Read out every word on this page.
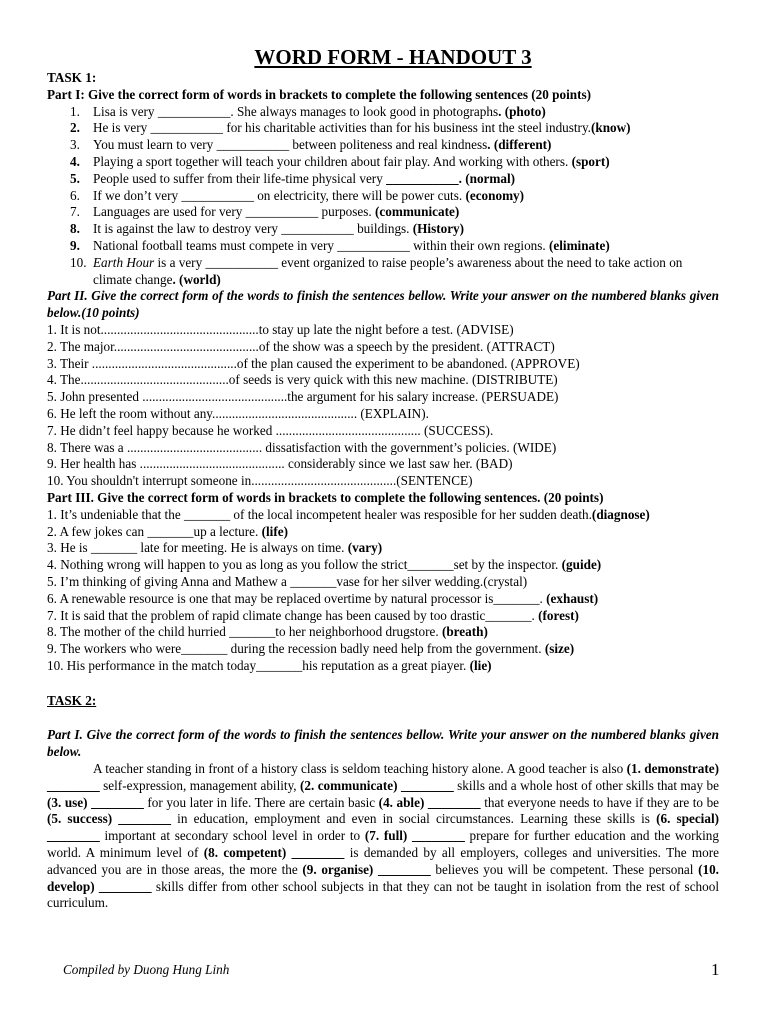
WORD FORM - HANDOUT 3
TASK 1:
Part I: Give the correct form of words in brackets to complete the following sentences (20 points)
1. Lisa is very ___________. She always manages to look good in photographs. (photo)
2. He is very ___________ for his charitable activities than for his business int the steel industry.(know)
3. You must learn to very ___________ between politeness and real kindness. (different)
4. Playing a sport together will teach your children about fair play. And working with others. (sport)
5. People used to suffer from their life-time physical very ___________. (normal)
6. If we don’t very ___________ on electricity, there will be power cuts. (economy)
7. Languages are used for very ___________ purposes. (communicate)
8. It is against the law to destroy very ___________ buildings. (History)
9. National football teams must compete in very ___________ within their own regions. (eliminate)
10. Earth Hour is a very ___________ event organized to raise people’s awareness about the need to take action on climate change. (world)
Part II. Give the correct form of the words to finish the sentences bellow. Write your answer on the numbered blanks given below.(10 points)
1. It is not................................................to stay up late the night before a test. (ADVISE)
2. The major............................................of the show was a speech by the president. (ATTRACT)
3. Their ............................................of the plan caused the experiment to be abandoned. (APPROVE)
4. The.............................................of seeds is very quick with this new machine. (DISTRIBUTE)
5. John presented ............................................the argument for his salary increase. (PERSUADE)
6. He left the room without any............................................ (EXPLAIN).
7. He didn’t feel happy because he worked ............................................ (SUCCESS).
8. There was a ......................................... dissatisfaction with the government’s policies. (WIDE)
9. Her health has ............................................ considerably since we last saw her. (BAD)
10. You shouldn't interrupt someone in............................................(SENTENCE)
Part III. Give the correct form of words in brackets to complete the following sentences. (20 points)
1. It’s undeniable that the _______ of the local incompetent healer was resposible for her sudden death.(diagnose)
2. A few jokes can _______up a lecture. (life)
3. He is _______ late for meeting. He is always on time. (vary)
4. Nothing wrong will happen to you as long as you follow the strict_______set by the inspector. (guide)
5. I’m thinking of giving Anna and Mathew a _______vase for her silver wedding.(crystal)
6. A renewable resource is one that may be replaced overtime by natural processor is_______. (exhaust)
7. It is said that the problem of rapid climate change has been caused by too drastic_______. (forest)
8. The mother of the child hurried _______to her neighborhood drugstore. (breath)
9. The workers who were_______ during the recession badly need help from the government. (size)
10. His performance in the match today_______his reputation as a great piayer. (lie)
TASK 2:
Part I. Give the correct form of the words to finish the sentences bellow. Write your answer on the numbered blanks given below.
A teacher standing in front of a history class is seldom teaching history alone. A good teacher is also (1. demonstrate) ________ self-expression, management ability, (2. communicate) ________ skills and a whole host of other skills that may be (3. use) ________ for you later in life. There are certain basic (4. able) ________ that everyone needs to have if they are to be (5. success) ________ in education, employment and even in social circumstances. Learning these skills is (6. special) ________ important at secondary school level in order to (7. full) ________ prepare for further education and the working world. A minimum level of (8. competent) ________ is demanded by all employers, colleges and universities. The more advanced you are in those areas, the more the (9. organise) ________ believes you will be competent. These personal (10. develop) ________ skills differ from other school subjects in that they can not be taught in isolation from the rest of school curriculum.
Compiled by Duong Hung Linh	1
